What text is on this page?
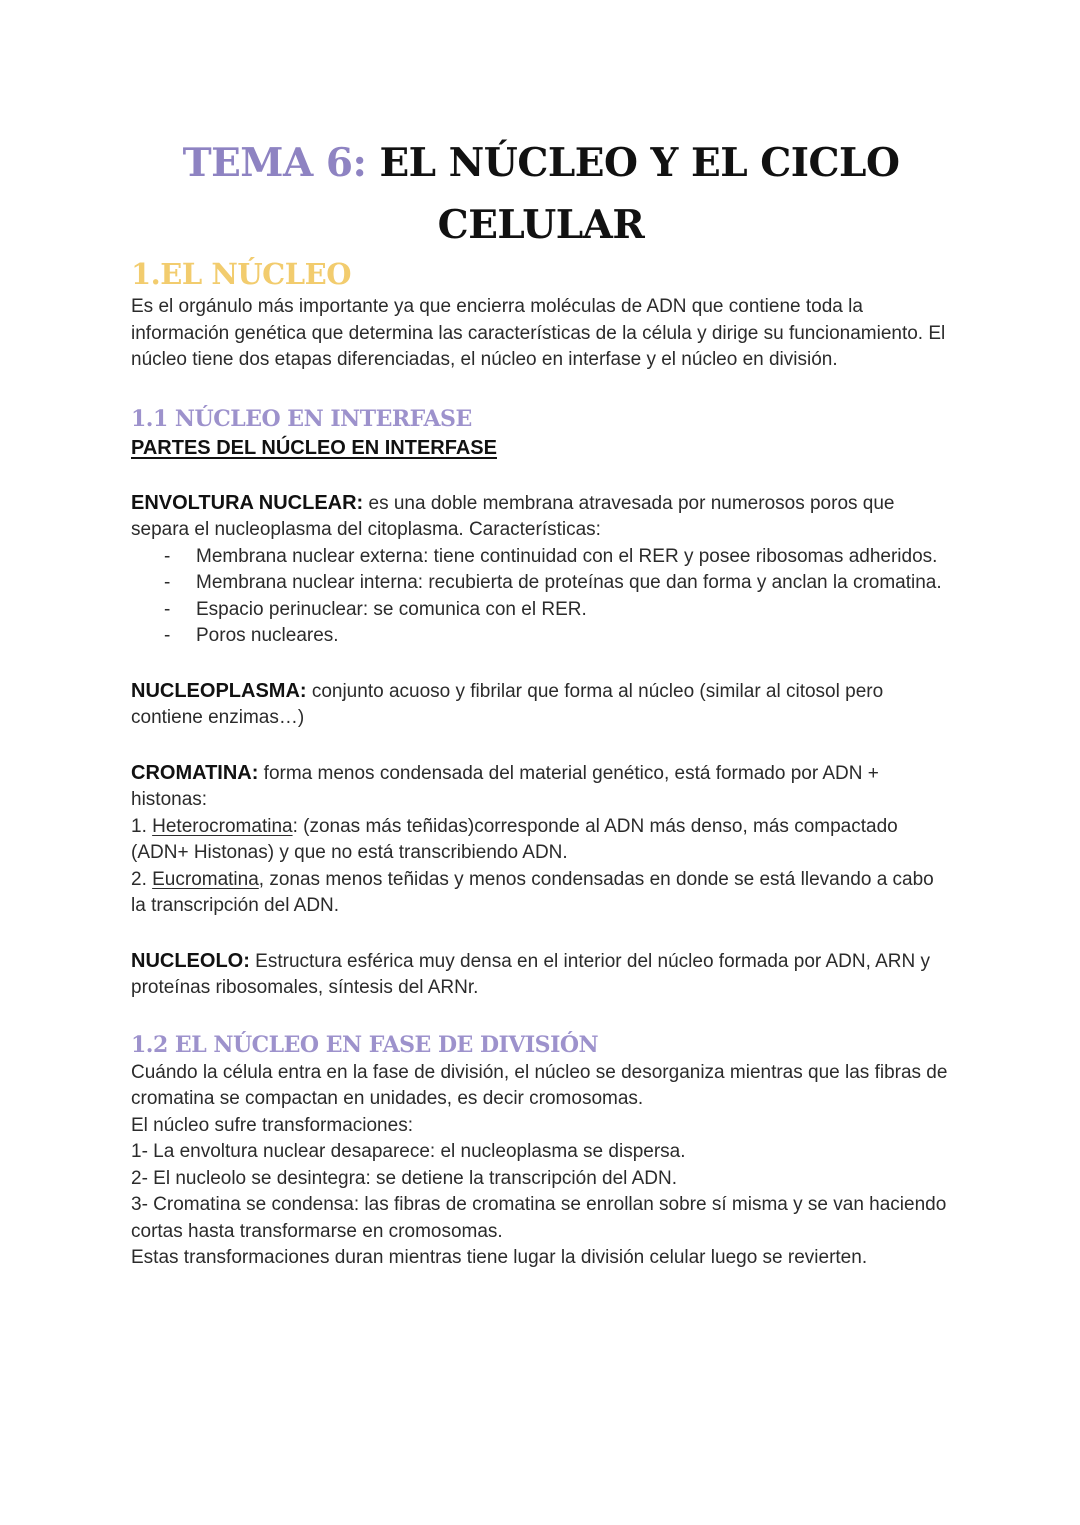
TEMA 6: EL NÚCLEO Y EL CICLO
CELULAR
1.EL NÚCLEO

Es el orgánulo más importante ya que encierra moléculas de ADN que contiene toda la información genética que determina las características de la célula y dirige su funcionamiento. El núcleo tiene dos etapas diferenciadas, el núcleo en interfase y el núcleo en división.

1.1 NÚCLEO EN INTERFASE

PARTES DEL NÚCLEO EN INTERFASE

ENVOLTURA NUCLEAR: es una doble membrana atravesada por numerosos poros que separa el nucleoplasma del citoplasma. Características:

- Membrana nuclear externa: tiene continuidad con el RER y posee ribosomas adheridos.
- Membrana nuclear interna: recubierta de proteínas que dan forma y anclan la cromatina.
- Espacio perinuclear: se comunica con el RER.
- Poros nucleares.

NUCLEOPLASMA: conjunto acuoso y fibrilar que forma al núcleo (similar al citosol pero contiene enzimas…)

CROMATINA: forma menos condensada del material genético, está formado por ADN + histonas:

1. Heterocromatina: (zonas más teñidas)corresponde al ADN más denso, más compactado (ADN+ Histonas) y que no está transcribiendo ADN.

2. Eucromatina, zonas menos teñidas y menos condensadas en donde se está llevando a cabo la transcripción del ADN.

NUCLEOLO: Estructura esférica muy densa en el interior del núcleo formada por ADN, ARN y proteínas ribosomales, síntesis del ARNr.

1.2 EL NÚCLEO EN FASE DE DIVISIÓN

Cuándo la célula entra en la fase de división, el núcleo se desorganiza mientras que las fibras de cromatina se compactan en unidades, es decir cromosomas.

El núcleo sufre transformaciones:

1- La envoltura nuclear desaparece: el nucleoplasma se dispersa.

2- El nucleolo se desintegra: se detiene la transcripción del ADN.

3- Cromatina se condensa: las fibras de cromatina se enrollan sobre sí misma y se van haciendo cortas hasta transformarse en cromosomas.

Estas transformaciones duran mientras tiene lugar la división celular luego se revierten.
